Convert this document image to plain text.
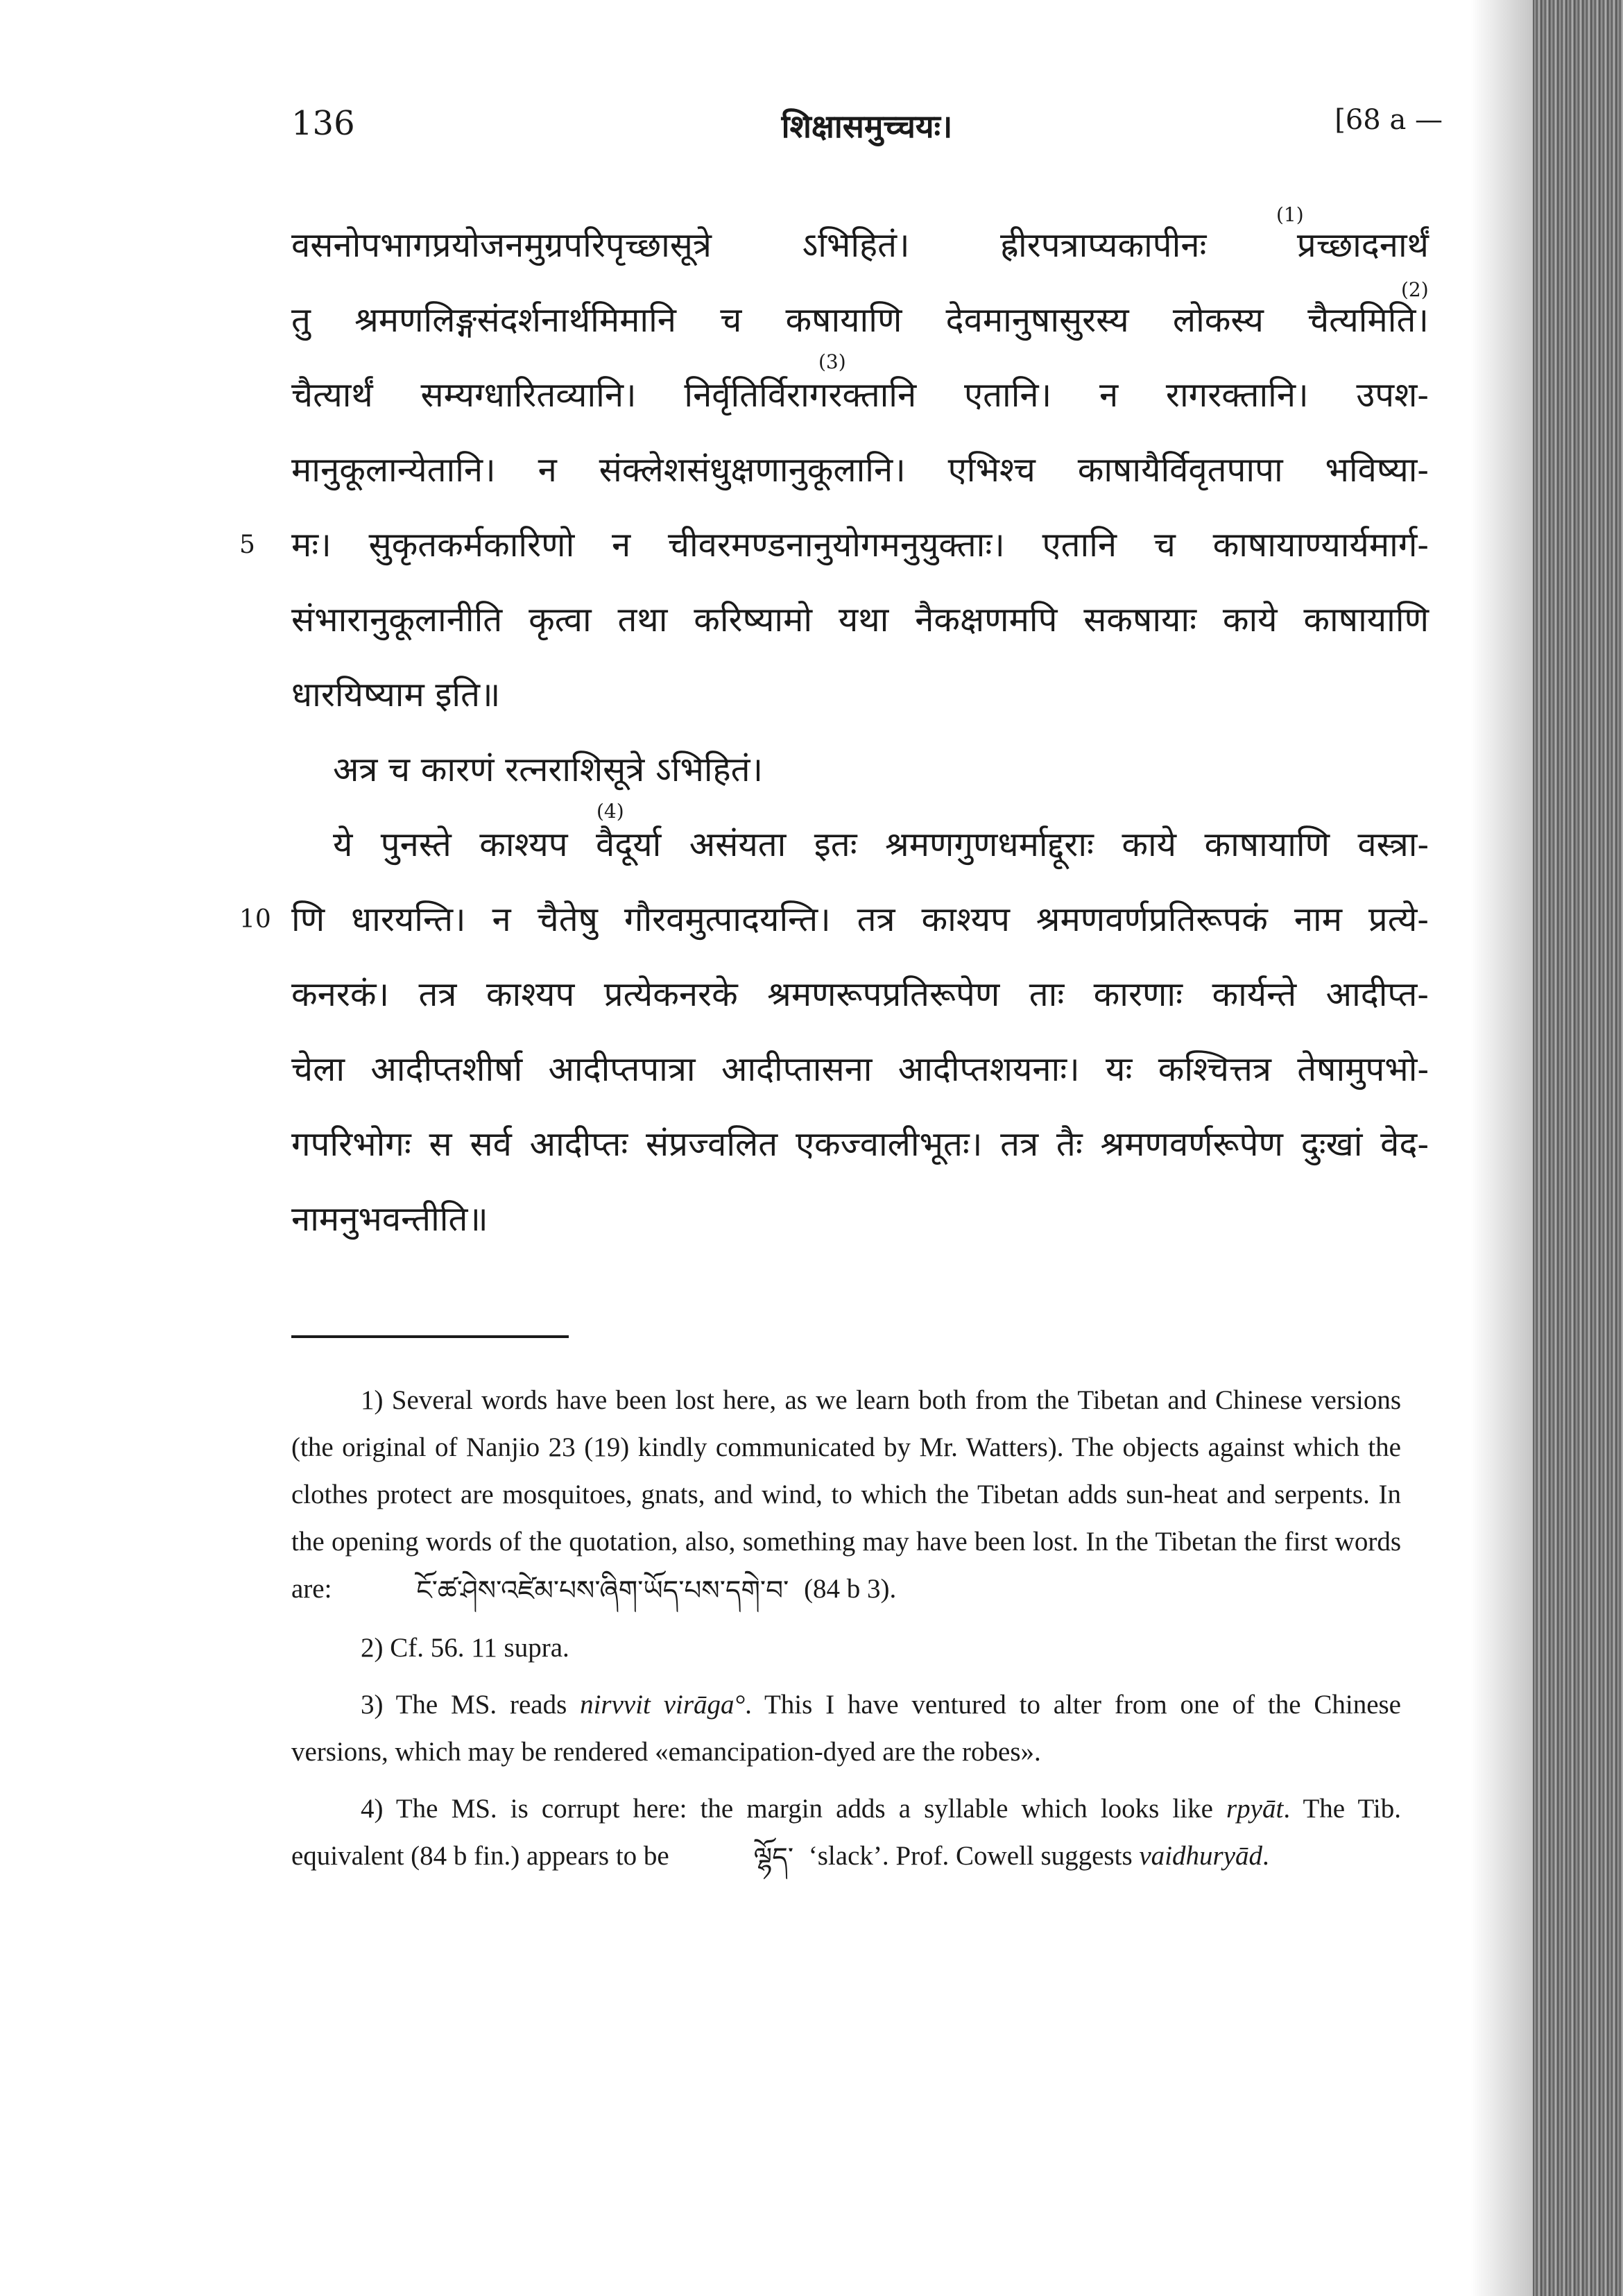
136	शिक्षासमुच्चयः।	[68 a —
वसनोपभागप्रयोजनमुग्रपरिपृच्छासूत्रे ऽभिहितं। ह्रीरपत्राप्यकापीनः प्रच्छादनार्थं
(1)
तु श्रमणलिङ्गसंदर्शनार्थमिमानि च कषायाणि देवमानुषासुरस्य लोकस्य चैत्यमिति।
(2)
चैत्यार्थं सम्यग्धारितव्यानि। निर्वृतिर्विरागरक्तानि एतानि। न रागरक्तानि। उपश-
(3)
मानुकूलान्येतानि। न संक्लेशसंधुक्षणानुकूलानि। एभिश्च काषायैर्विवृतपापा भविष्या-
5	मः। सुकृतकर्मकारिणो न चीवरमण्डनानुयोगमनुयुक्ताः। एतानि च काषायाण्यार्यमार्ग-
संभारानुकूलानीति कृत्वा तथा करिष्यामो यथा नैकक्षणमपि सकषायाः काये काषायाणि
धारयिष्याम इति॥
अत्र च कारणं रत्नराशिसूत्रे ऽभिहितं।
ये पुनस्ते काश्यप वैदूर्या असंयता इतः श्रमणगुणधर्माद्दूराः काये काषायाणि वस्त्रा-
(4)
10 णि धारयन्ति। न चैतेषु गौरवमुत्पादयन्ति। तत्र काश्यप श्रमणवर्णप्रतिरूपकं नाम प्रत्ये-
कनरकं। तत्र काश्यप प्रत्येकनरके श्रमणरूपप्रतिरूपेण ताः कारणाः कार्यन्ते आदीप्त-
चेला आदीप्तशीर्षा आदीप्तपात्रा आदीप्तासना आदीप्तशयनाः। यः कश्चित्तत्र तेषामुपभो-
गपरिभोगः स सर्व आदीप्तः संप्रज्वलित एकज्वालीभूतः। तत्र तैः श्रमणवर्णरूपेण दुःखां वेद-
नामनुभवन्तीति॥

1) Several words have been lost here, as we learn both from the Tibetan and Chinese versions (the original of Nanjio 23 (19) kindly communicated by Mr. Watters). The objects against which the clothes protect are mosquitoes, gnats, and wind, to which the Tibetan adds sun-heat and serpents. In the opening words of the quotation, also, something may have been lost. In the Tibetan the first words are:	ངོ་ཚ་ཤེས་འཛེམ་པས་ཞིག་ཡོད་པས་དགེ་བ་ (84 b 3).

2) Cf. 56. 11 supra.

3) The MS. reads nirvvit virāga°. This I have ventured to alter from one of the Chinese versions, which may be rendered «emancipation-dyed are the robes».

4) The MS. is corrupt here: the margin adds a syllable which looks like rpyāt. The Tib. equivalent (84 b fin.) appears to be	ལྷོད་ ‘slack’. Prof. Cowell suggests vaidhuryād.
